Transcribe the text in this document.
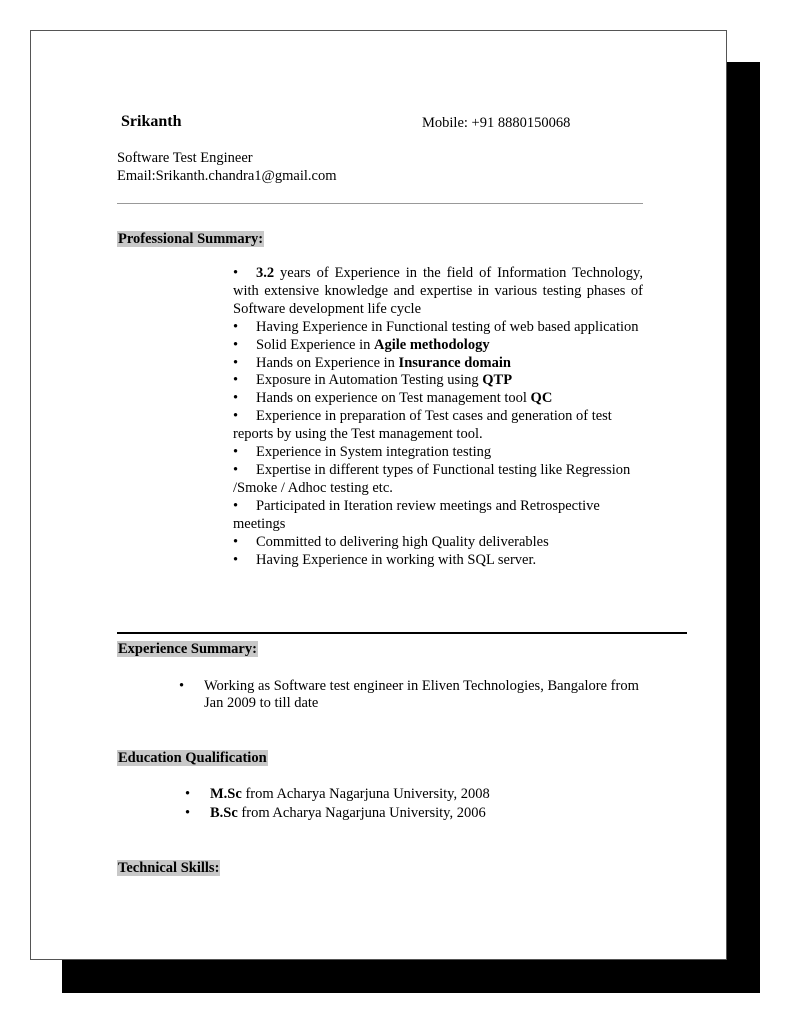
Srikanth	Mobile: +91 8880150068
Software Test Engineer
Email:Srikanth.chandra1@gmail.com
Professional Summary:

• 3.2 years of Experience in the field of Information Technology, with extensive knowledge and expertise in various testing phases of Software development life cycle

• Having Experience in Functional testing of web based application

• Solid Experience in Agile methodology

• Hands on Experience in Insurance domain

• Exposure in Automation Testing using QTP

• Hands on experience on Test management tool QC

• Experience in preparation of Test cases and generation of test reports by using the Test management tool.

• Experience in System integration testing

• Expertise in different types of Functional testing like Regression /Smoke / Adhoc testing etc.

• Participated in Iteration review meetings and Retrospective meetings

• Committed to delivering high Quality deliverables

• Having Experience in working with SQL server.

Experience Summary:
• Working as Software test engineer in Eliven Technologies, Bangalore from Jan 2009 to till date
Education Qualification
• M.Sc from Acharya Nagarjuna University, 2008
• B.Sc from Acharya Nagarjuna University, 2006
Technical Skills:
